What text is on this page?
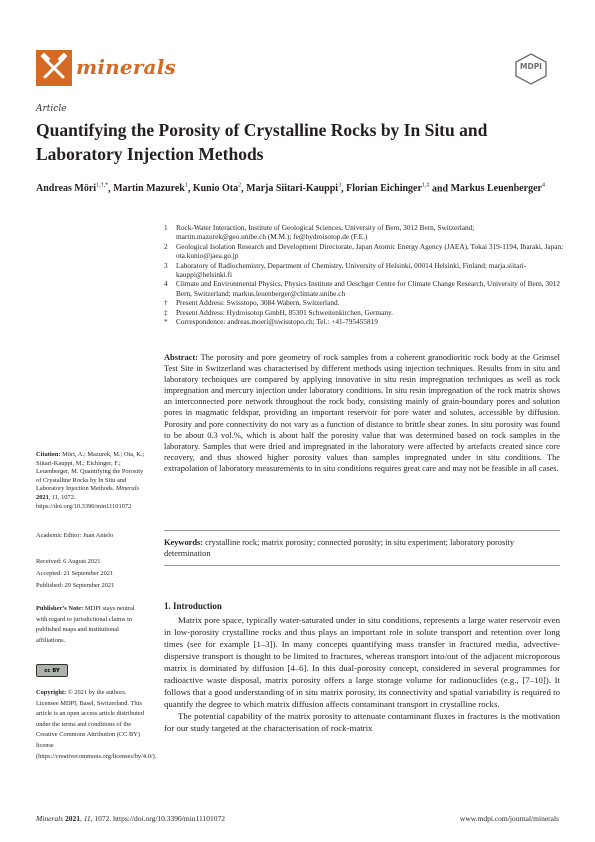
minerals	MDPI
Article
Quantifying the Porosity of Crystalline Rocks by In Situ and Laboratory Injection Methods
Andreas Möri$^{1,\dagger,*}$, Martin Mazurek$^1$, Kunio Ota$^2$, Marja Siitari-Kauppi$^3$, Florian Eichinger$^{1,\ddagger}$ and Markus Leuenberger$^4$
1	Rock-Water Interaction, Institute of Geological Sciences, University of Bern, 3012 Bern, Switzerland; martin.mazurek@geo.unibe.ch (M.M.); fe@hydroisotop.de (F.E.)
2	Geological Isolation Research and Development Directorate, Japan Atomic Energy Agency (JAEA), Tokai 319-1194, Ibaraki, Japan; ota.kunio@jaea.go.jp
3	Laboratory of Radiochemistry, Department of Chemistry, University of Helsinki, 00014 Helsinki, Finland; marja.siitari-kauppi@helsinki.fi
4	Climate and Environmental Physics, Physics Institute and Oeschger Centre for Climate Change Research, University of Bern, 3012 Bern, Switzerland; markus.leuenberger@climate.unibe.ch
†	Present Address: Swisstopo, 3084 Wabern, Switzerland.
‡	Present Address: Hydroisotop GmbH, 85301 Schweitenkirchen, Germany.
*	Correspondence: andreas.moeri@swisstopo.ch; Tel.: +41-795455819
Abstract: The porosity and pore geometry of rock samples from a coherent granodioritic rock body at the Grimsel Test Site in Switzerland was characterised by different methods using injection techniques. Results from in situ and laboratory techniques are compared by applying innovative in situ resin impregnation techniques as well as rock impregnation and mercury injection under laboratory conditions. In situ resin impregnation of the rock matrix shows an interconnected pore network throughout the rock body, consisting mainly of grain-boundary pores and solution pores in magmatic feldspar, providing an important reservoir for pore water and solutes, accessible by diffusion. Porosity and pore connectivity do not vary as a function of distance to brittle shear zones. In situ porosity was found to be about 0.3 vol.%, which is about half the porosity value that was determined based on rock samples in the laboratory. Samples that were dried and impregnated in the laboratory were affected by artefacts created since core recovery, and thus showed higher porosity values than samples impregnated under in situ conditions. The extrapolation of laboratory measurements to in situ conditions requires great care and may not be feasible in all cases.
Keywords: crystalline rock; matrix porosity; connected porosity; in situ experiment; laboratory porosity determination
Citation: Möri, A.; Mazurek, M.; Ota, K.; Siitari-Kauppi, M.; Eichinger, F.; Leuenberger, M. Quantifying the Porosity of Crystalline Rocks by In Situ and Laboratory Injection Methods. Minerals 2021, 11, 1072. https://doi.org/10.3390/min11101072
Academic Editor: Juan Antelo
Received: 6 August 2021
Accepted: 21 September 2021
Published: 29 September 2021
Publisher’s Note: MDPI stays neutral with regard to jurisdictional claims in published maps and institutional affiliations.
cc BY
Copyright: © 2021 by the authors. Licensee MDPI, Basel, Switzerland. This article is an open access article distributed under the terms and conditions of the Creative Commons Attribution (CC BY) license (https://creativecommons.org/licenses/by/4.0/).
1. Introduction

Matrix pore space, typically water-saturated under in situ conditions, represents a large water reservoir even in low-porosity crystalline rocks and thus plays an important role in solute transport and retention over long times (see for example [1–3]). In many concepts quantifying mass transfer in fractured media, advective-dispersive transport is thought to be limited to fractures, whereas transport into/out of the adjacent microporous matrix is dominated by diffusion [4–6]. In this dual-porosity concept, considered in several programmes for radioactive waste disposal, matrix porosity offers a large storage volume for radionuclides (e.g., [7–10]). It follows that a good understanding of in situ matrix porosity, its connectivity and spatial variability is required to quantify the degree to which matrix diffusion affects contaminant transport in crystalline rocks.

The potential capability of the matrix porosity to attenuate contaminant fluxes in fractures is the motivation for our study targeted at the characterisation of rock-matrix

Minerals 2021, 11, 1072. https://doi.org/10.3390/min11101072	www.mdpi.com/journal/minerals
